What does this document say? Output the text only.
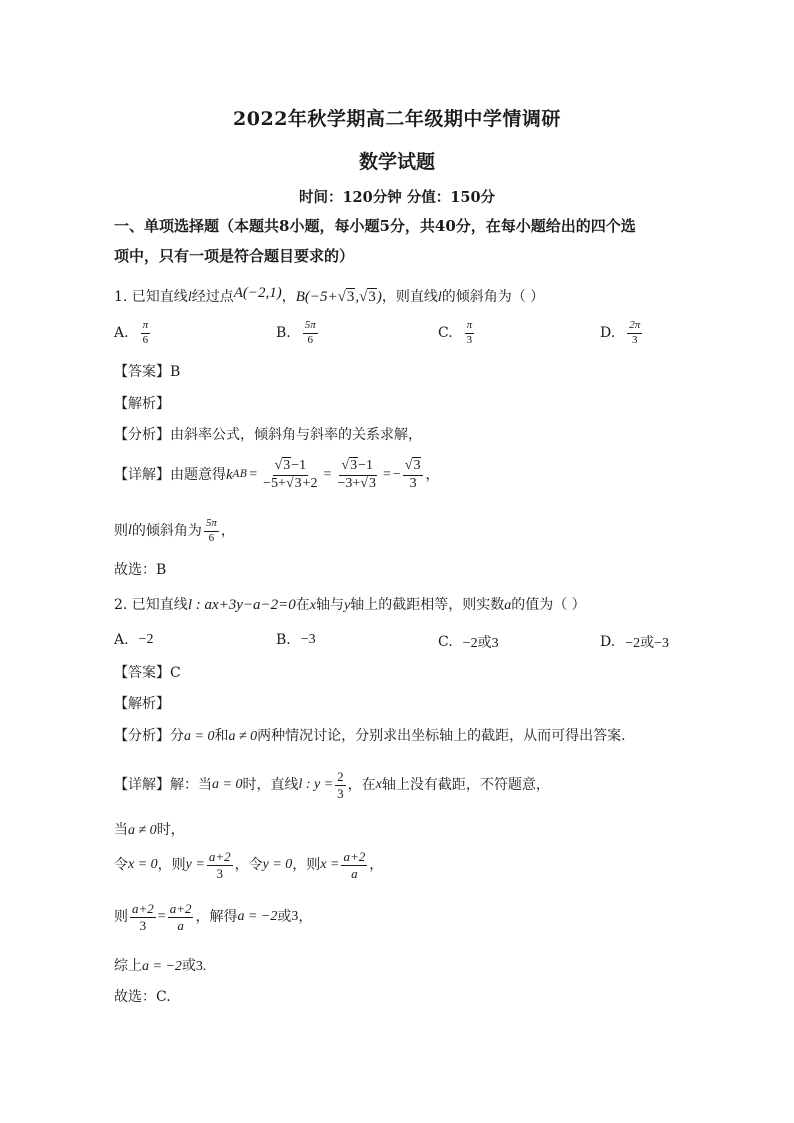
2022年秋学期高二年级期中学情调研
数学试题
时间：120分钟 分值：150分
一、单项选择题（本题共8小题，每小题5分，共40分，在每小题给出的四个选
项中，只有一项是符合题目要求的）
1. 已知直线l经过点A(−2,1)，B(−5+√3,√3)，则直线l的倾斜角为（ ）
A. $\frac{\pi}{6}$	B. $\frac{5\pi}{6}$	C. $\frac{\pi}{3}$	D. $\frac{2\pi}{3}$
【答案】B
【解析】
【分析】由斜率公式，倾斜角与斜率的关系求解，
【详解】 由题意得 k AB = $\frac{√3-1}{-5+√3+2} = \frac{√3-1}{-3+√3}$ = − $\frac{√3}{3}$ ，
则 l 的倾斜角为 $\frac{5\pi}{6}$ ，
故选：B
2. 已知直线l : ax+3y−a−2=0在x轴与y轴上的截距相等，则实数a的值为（ ）
A. −2	B. −3	C. −2或3	D. −2或−3
【答案】C
【解析】
【分析】分a = 0和a ≠ 0两种情况讨论，分别求出坐标轴上的截距，从而可得出答案.
【详解】 解：当 a = 0 时，直线 l : $y = \frac{2}{3}$ ，在 x 轴上没有截距，不符题意，
当a ≠ 0时，
令 x = 0 ，则 $y = \frac{a+2}{3}$ ，令 y = 0 ，则 $x = \frac{a+2}{a}$ ，
则 $\frac{a+2}{3} = \frac{a+2}{a}$ ，解得 a = −2 或 3 ，
综上a = −2或3.
故选：C.
